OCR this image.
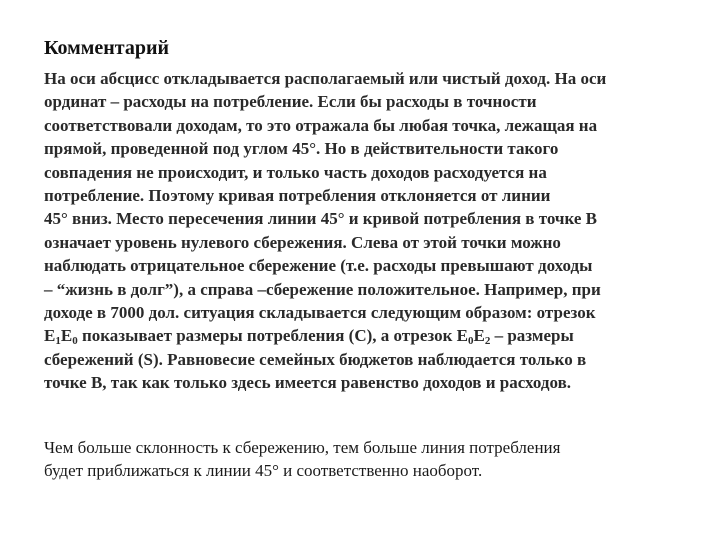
Комментарий
На оси абсцисс откладывается располагаемый или чистый доход. На оси
ординат – расходы на потребление. Если бы расходы в точности
соответствовали доходам, то это отражала бы любая точка, лежащая на
прямой, проведенной под углом 45°. Но в действительности такого
совпадения не происходит, и только часть доходов расходуется на
потребление. Поэтому кривая потребления отклоняется от линии
45° вниз. Место пересечения линии 45° и кривой потребления в точке В
означает уровень нулевого сбережения. Слева от этой точки можно
наблюдать отрицательное сбережение (т.е. расходы превышают доходы
– “жизнь в долг”), а справа –сбережение положительное. Например, при
доходе в 7000 дол. ситуация складывается следующим образом: отрезок
$Е_1Е_0$ показывает размеры потребления (С), а отрезок $Е_0Е_2$ – размеры
сбережений (S). Равновесие семейных бюджетов наблюдается только в
точке В, так как только здесь имеется равенство доходов и расходов.
Чем больше склонность к сбережению, тем больше линия потребления
будет приближаться к линии 45° и соответственно наоборот.
